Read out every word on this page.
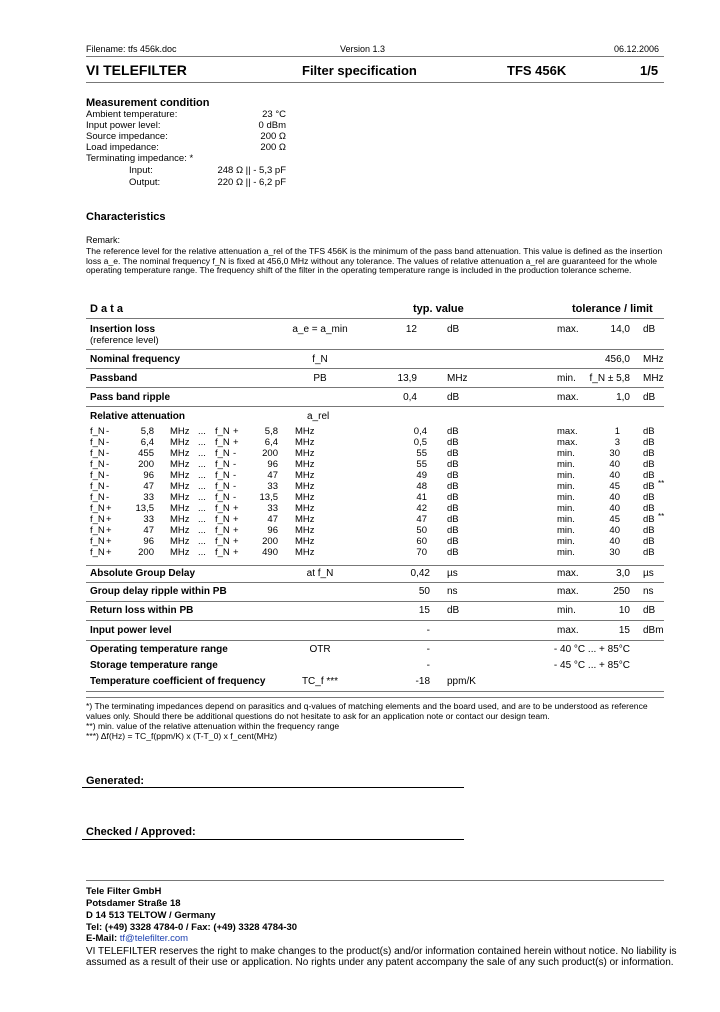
Filename: tfs 456k.doc	Version 1.3	06.12.2006
VI TELEFILTER	Filter specification	TFS 456K	1/5
Measurement condition
Ambient temperature:	23 °C
Input power level:	0 dBm
Source impedance:	200 Ω
Load impedance:	200 Ω
Terminating impedance: *
Input:	248 Ω || - 5,3 pF
Output:	220 Ω || - 6,2 pF
Characteristics
Remark:
The reference level for the relative attenuation a_rel of the TFS 456K is the minimum of the pass band attenuation. This value is defined as the insertion
loss a_e. The nominal frequency f_N is fixed at 456,0 MHz without any tolerance. The values of relative attenuation a_rel are guaranteed for the whole
operating temperature range. The frequency shift of the filter in the operating temperature range is included in the production tolerance scheme.
D a t a	typ. value	tolerance / limit
Insertion loss
(reference level)
a_e = a_min	12	dB	max.	14,0 dB
Nominal frequency	f_N	456,0 MHz
Passband	PB	13,9	MHz	min. f_N ± 5,8 MHz
Pass band ripple	0,4	dB	max.	1,0 dB
Relative attenuation	a_rel
f_N -	5,8 MHz ... f_N +	5,8 MHz	0,4 dB	max.	1 dB
f_N -	6,4 MHz ... f_N +	6,4 MHz	0,5 dB	max.	3 dB
f_N -	455 MHz ... f_N -	200 MHz	55 dB	min.	30 dB
f_N -	200 MHz ... f_N -	96 MHz	55 dB	min.	40 dB
f_N -	96 MHz ... f_N -	47 MHz	49 dB	min.	40 dB
f_N -	47 MHz ... f_N -	33 MHz	48 dB	min.	45 dB **
f_N -	33 MHz ... f_N - 13,5 MHz	41 dB	min.	40 dB
f_N +	13,5 MHz ... f_N +	33 MHz	42 dB	min.	40 dB
f_N +	33 MHz ... f_N +	47 MHz	47 dB	min.	45 dB **
f_N +	47 MHz ... f_N +	96 MHz	50 dB	min.	40 dB
f_N +	96 MHz ... f_N + 200 MHz	60 dB	min.	40 dB
f_N +	200 MHz ... f_N + 490 MHz	70 dB	min.	30 dB
Absolute Group Delay	at f_N	0,42 µs	max.	3,0 µs
Group delay ripple within PB	50 ns	max.	250 ns
Return loss within PB	15 dB	min.	10 dB
Input power level	-	max.	15 dBm
Operating temperature range	OTR	-	- 40 °C ... + 85°C
Storage temperature range	-	- 45 °C ... + 85°C
Temperature coefficient of frequency	TC_f ***	-18 ppm/K
*) The terminating impedances depend on parasitics and q-values of matching elements and the board used, and are to be understood as reference
values only. Should there be additional questions do not hesitate to ask for an application note or contact our design team.
**) min. value of the relative attenuation within the frequency range
***) Δf(Hz) = TC_f(ppm/K) x (T-T_0) x f_cent(MHz)
Generated:
Checked / Approved:
Tele Filter GmbH
Potsdamer Straße 18
D 14 513 TELTOW / Germany
Tel: (+49) 3328 4784-0 / Fax: (+49) 3328 4784-30
E-Mail: tf@telefilter.com
VI TELEFILTER reserves the right to make changes to the product(s) and/or information contained herein without notice. No liability is
assumed as a result of their use or application. No rights under any patent accompany the sale of any such product(s) or information.
